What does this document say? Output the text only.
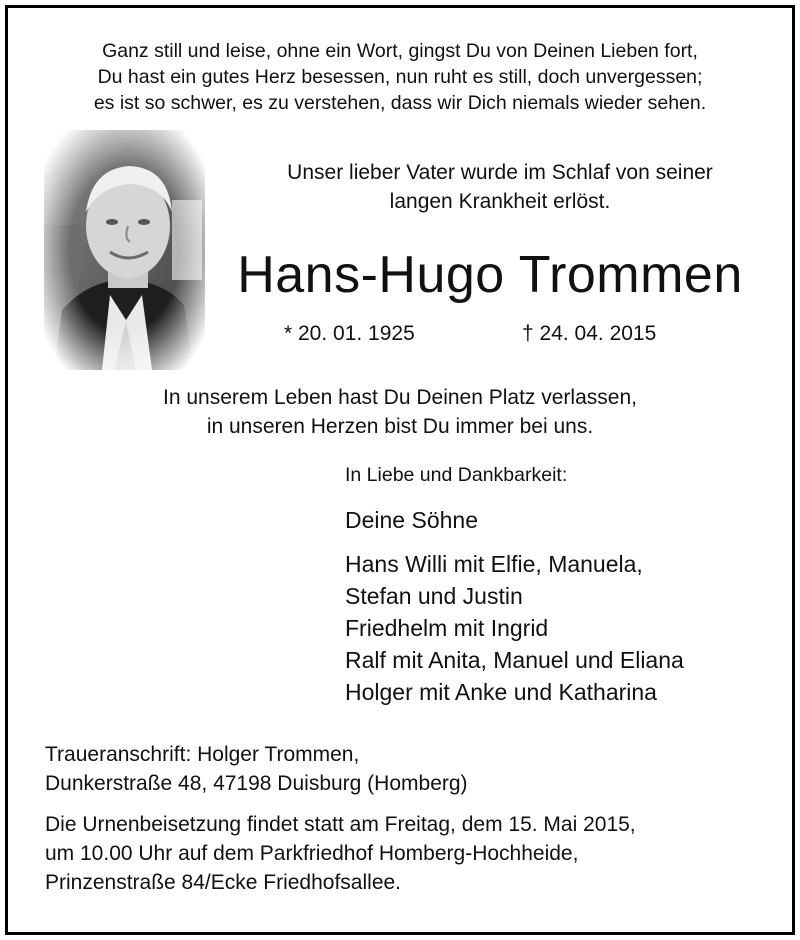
Ganz still und leise, ohne ein Wort, gingst Du von Deinen Lieben fort,
Du hast ein gutes Herz besessen, nun ruht es still, doch unvergessen;
es ist so schwer, es zu verstehen, dass wir Dich niemals wieder sehen.
Unser lieber Vater wurde im Schlaf von seiner
langen Krankheit erlöst.
Hans-Hugo Trommen
* 20. 01. 1925	† 24. 04. 2015
In unserem Leben hast Du Deinen Platz verlassen,
in unseren Herzen bist Du immer bei uns.
In Liebe und Dankbarkeit:
Deine Söhne
Hans Willi mit Elfie, Manuela,
Stefan und Justin
Friedhelm mit Ingrid
Ralf mit Anita, Manuel und Eliana
Holger mit Anke und Katharina
Traueranschrift: Holger Trommen,
Dunkerstraße 48, 47198 Duisburg (Homberg)
Die Urnenbeisetzung findet statt am Freitag, dem 15. Mai 2015,
um 10.00 Uhr auf dem Parkfriedhof Homberg-Hochheide,
Prinzenstraße 84/Ecke Friedhofsallee.
